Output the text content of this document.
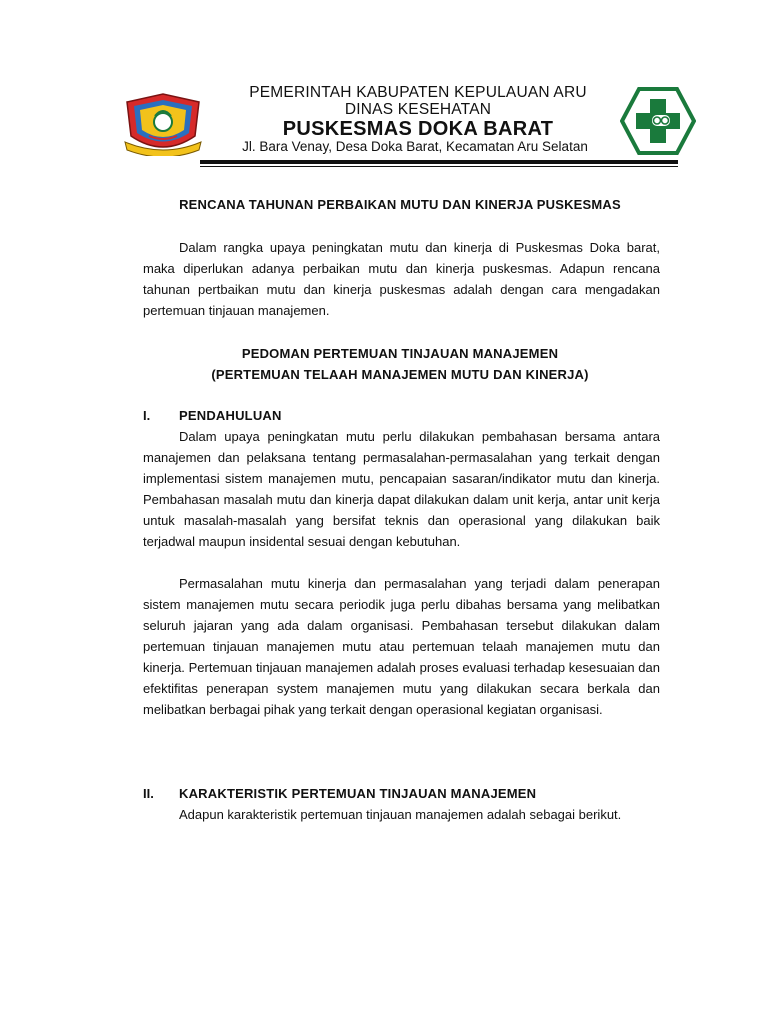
PEMERINTAH KABUPATEN KEPULAUAN ARU
DINAS KESEHATAN
PUSKESMAS DOKA BARAT
Jl. Bara Venay, Desa Doka Barat, Kecamatan Aru Selatan
RENCANA TAHUNAN PERBAIKAN MUTU DAN KINERJA PUSKESMAS

Dalam rangka upaya peningkatan mutu dan kinerja di Puskesmas Doka barat, maka diperlukan adanya perbaikan mutu dan kinerja puskesmas. Adapun rencana tahunan pertbaikan mutu dan kinerja puskesmas adalah dengan cara mengadakan pertemuan tinjauan manajemen.

PEDOMAN PERTEMUAN TINJAUAN MANAJEMEN
(PERTEMUAN TELAAH MANAJEMEN MUTU DAN KINERJA)
I. PENDAHULUAN

Dalam upaya peningkatan mutu perlu dilakukan pembahasan bersama antara manajemen dan pelaksana tentang permasalahan-permasalahan yang terkait dengan implementasi sistem manajemen mutu, pencapaian sasaran/indikator mutu dan kinerja. Pembahasan masalah mutu dan kinerja dapat dilakukan dalam unit kerja, antar unit kerja untuk masalah-masalah yang bersifat teknis dan operasional yang dilakukan baik terjadwal maupun insidental sesuai dengan kebutuhan.

Permasalahan mutu kinerja dan permasalahan yang terjadi dalam penerapan sistem manajemen mutu secara periodik juga perlu dibahas bersama yang melibatkan seluruh jajaran yang ada dalam organisasi. Pembahasan tersebut dilakukan dalam pertemuan tinjauan manajemen mutu atau pertemuan telaah manajemen mutu dan kinerja. Pertemuan tinjauan manajemen adalah proses evaluasi terhadap kesesuaian dan efektifitas penerapan system manajemen mutu yang dilakukan secara berkala dan melibatkan berbagai pihak yang terkait dengan operasional kegiatan organisasi.

II. KARAKTERISTIK PERTEMUAN TINJAUAN MANAJEMEN

Adapun karakteristik pertemuan tinjauan manajemen adalah sebagai berikut.
